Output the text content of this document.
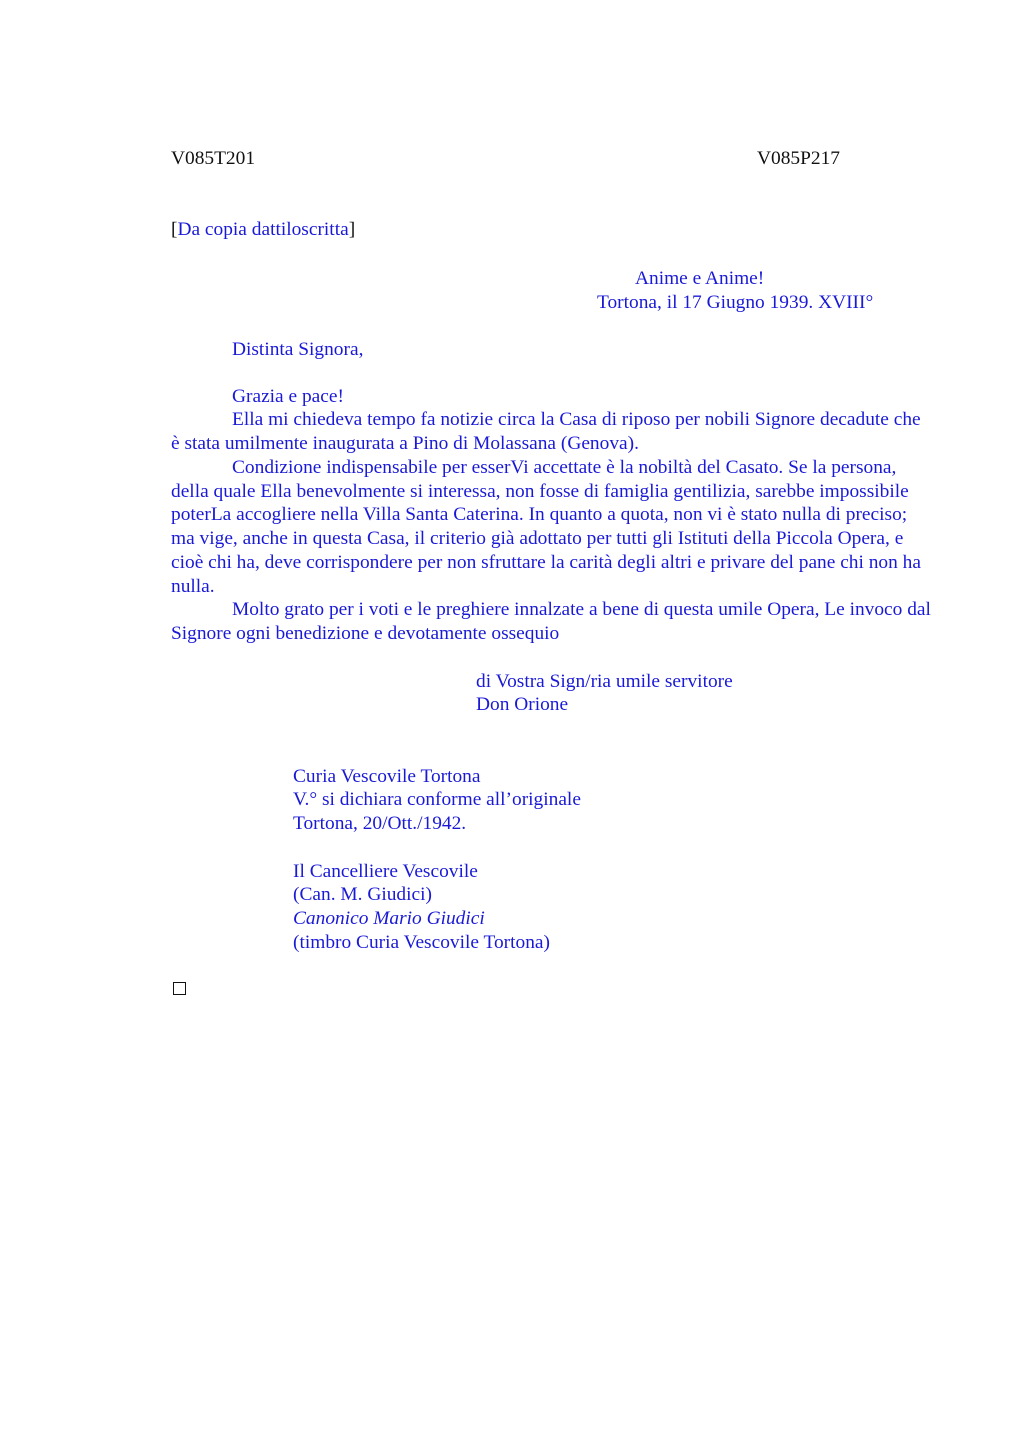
V085T201	V085P217
[Da copia dattiloscritta]
Anime e Anime!
Tortona, il 17 Giugno 1939. XVIII°
Distinta Signora,
Grazia e pace!

Ella mi chiedeva tempo fa notizie circa la Casa di riposo per nobili Signore decadute che è stata umilmente inaugurata a Pino di Molassana (Genova).

Condizione indispensabile per esserVi accettate è la nobiltà del Casato. Se la persona, della quale Ella benevolmente si interessa, non fosse di famiglia gentilizia, sarebbe impossibile poterLa accogliere nella Villa Santa Caterina. In quanto a quota, non vi è stato nulla di preciso; ma vige, anche in questa Casa, il criterio già adottato per tutti gli Istituti della Piccola Opera, e cioè chi ha, deve corrispondere per non sfruttare la carità degli altri e privare del pane chi non ha nulla.

Molto grato per i voti e le preghiere innalzate a bene di questa umile Opera, Le invoco dal Signore ogni benedizione e devotamente ossequio

di Vostra Sign/ria umile servitore
Don Orione
Curia Vescovile Tortona
V.° si dichiara conforme all’originale
Tortona, 20/Ott./1942.
Il Cancelliere Vescovile
(Can. M. Giudici)
Canonico Mario Giudici
(timbro Curia Vescovile Tortona)
